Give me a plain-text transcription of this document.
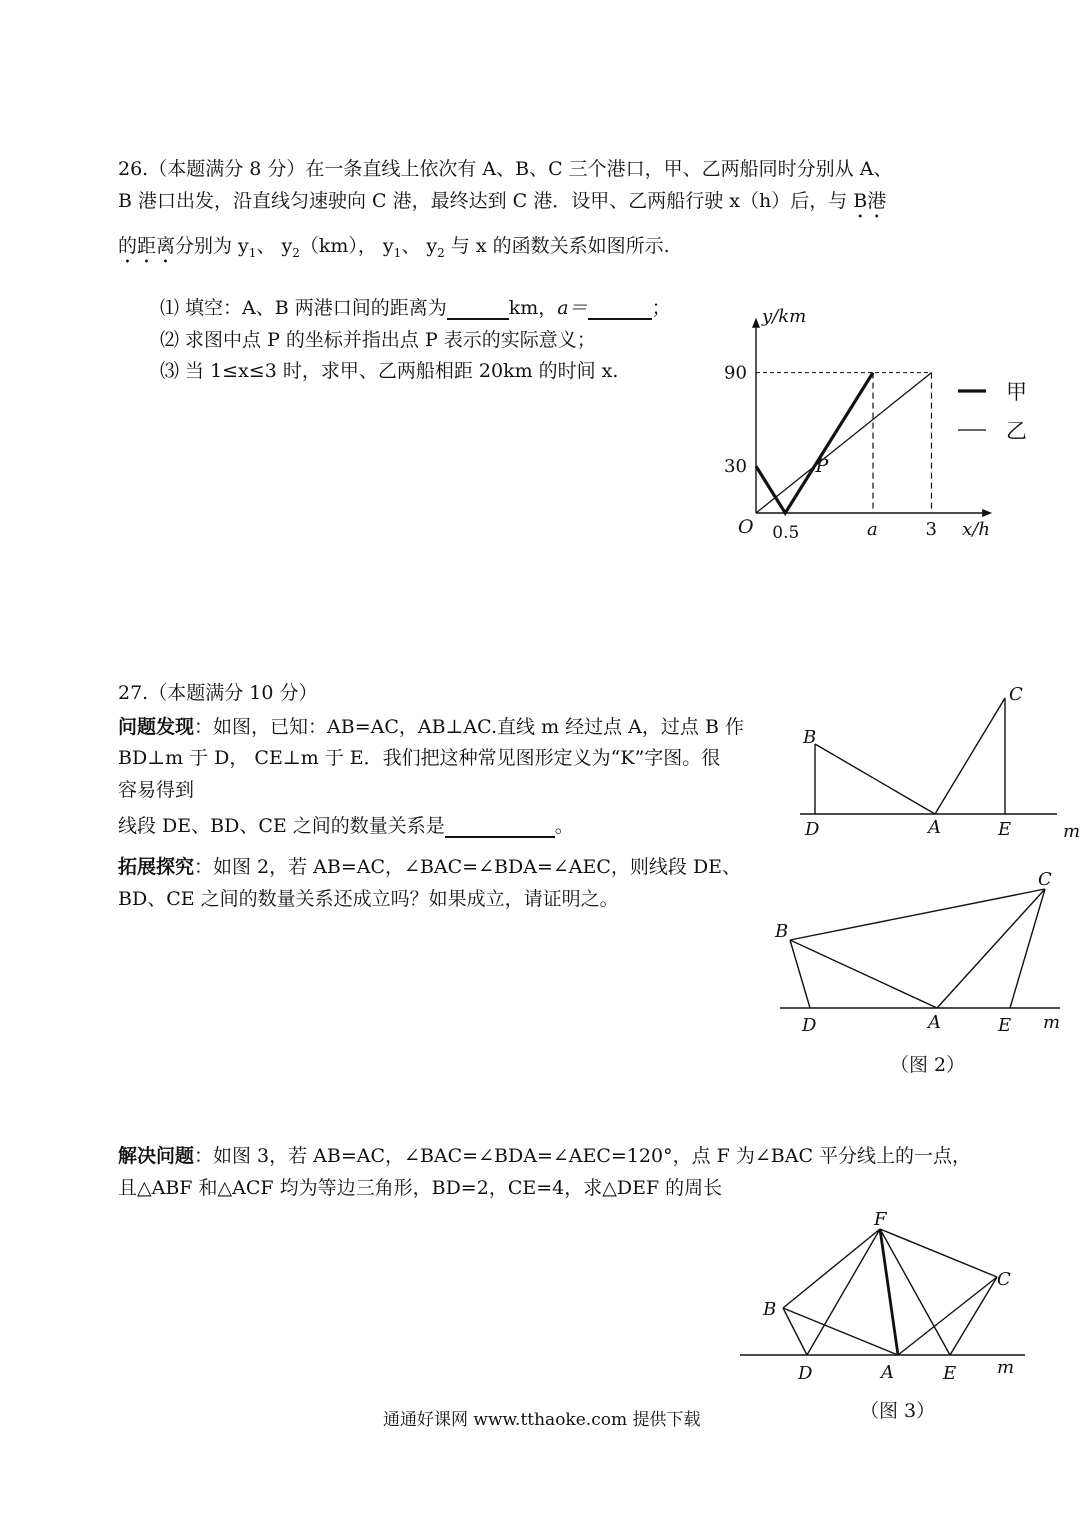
26.（本题满分 8 分）在一条直线上依次有 A、B、C 三个港口，甲、乙两船同时分别从 A、
B 港口出发，沿直线匀速驶向 C 港，最终达到 C 港．设甲、乙两船行驶 x（h）后，与 B港
的距离分别为 $y_1$、 $y_2(km)$， $y_1$、 $y_2$ 与 x 的函数关系如图所示.
⑴ 填空：A、B 两港口间的距离为	km，a＝	；
⑵ 求图中点 P 的坐标并指出点 P 表示的实际意义；
⑶ 当 1≤x≤3 时，求甲、乙两船相距 20km 的时间 x.
y/km
x/h
O 0.5	a	3
30
90
P
甲
乙
27.（本题满分 10 分）
问题发现：如图，已知：AB=AC，AB⊥AC.直线 m 经过点 A，过点 B 作
BD⊥m 于 D， CE⊥m 于 E．我们把这种常见图形定义为“K”字图。很
容易得到
线段 DE、BD、CE 之间的数量关系是	。
拓展探究：如图 2，若 AB=AC，∠BAC=∠BDA=∠AEC，则线段 DE、
BD、CE 之间的数量关系还成立吗？如果成立，请证明之。
解决问题：如图 3，若 AB=AC，∠BAC=∠BDA=∠AEC=120°，点 F 为∠BAC 平分线上的一点，
且△ABF 和△ACF 均为等边三角形，BD=2，CE=4，求△DEF 的周长
C
B
D	A	E	m
C
B
D	A	E m
（图 2）
F
C
B
D	A	E m
（图 3）
通通好课网 www.tthaoke.com 提供下载
